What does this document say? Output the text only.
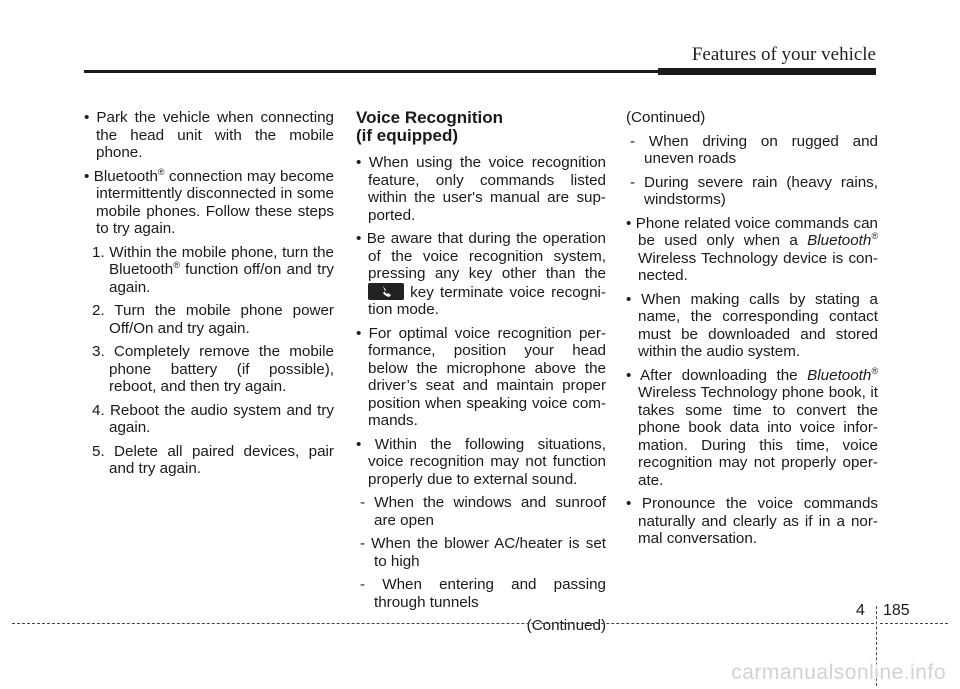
Features of your vehicle

• Park the vehicle when connecting the head unit with the mobile phone.

• Bluetooth® connection may become intermittently disconnected in some mobile phones. Follow these steps to try again.

1. Within the mobile phone, turn the Bluetooth® function off/on and try again.

2. Turn the mobile phone power Off/On and try again.

3. Completely remove the mobile phone battery (if possible), reboot, and then try again.

4. Reboot the audio system and try again.

5. Delete all paired devices, pair and try again.

Voice Recognition
(if equipped)

• When using the voice recognition feature, only commands listed within the user's manual are sup- ported.

• Be aware that during the operation of the voice recognition system, pressing any key other than the
key terminate voice recogni- tion mode.

• For optimal voice recognition per- formance, position your head below the microphone above the driver’s seat and maintain proper position when speaking voice com- mands.

• Within the following situations, voice recognition may not function properly due to external sound.

- When the windows and sunroof are open

- When the blower AC/heater is set to high

- When entering and passing through tunnels

(Continued)

(Continued)

- When driving on rugged and uneven roads

- During severe rain (heavy rains, windstorms)

• Phone related voice commands can be used only when a Bluetooth® Wireless Technology device is con- nected.

• When making calls by stating a name, the corresponding contact must be downloaded and stored within the audio system.

• After downloading the Bluetooth® Wireless Technology phone book, it takes some time to convert the phone book data into voice infor- mation. During this time, voice recognition may not properly oper- ate.

• Pronounce the voice commands naturally and clearly as if in a nor- mal conversation.

4 185
carmanualsonline.info
